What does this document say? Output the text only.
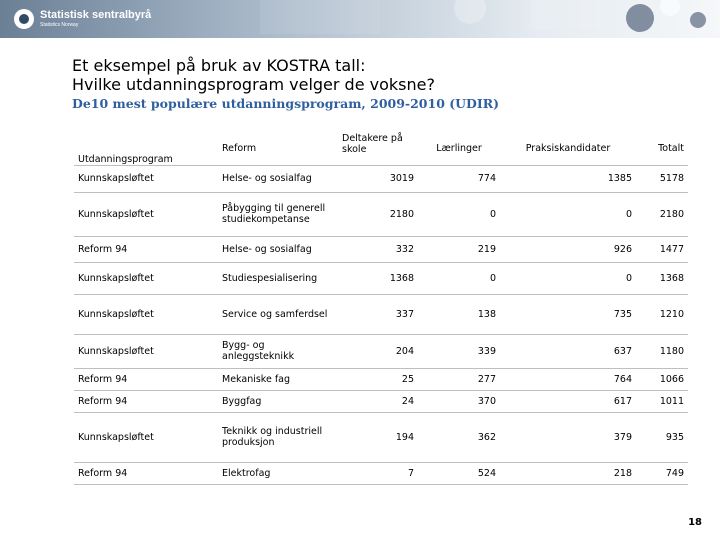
Statistisk sentralbyrå
Statistics Norway
Et eksempel på bruk av KOSTRA tall:
Hvilke utdanningsprogram velger de voksne?
De10 mest populære utdanningsprogram, 2009-2010 (UDIR)
Utdanningsprogram	Reform	Deltakere på skole	Lærlinger	Praksiskandidater	Totalt
Kunnskapsløftet	Helse- og sosialfag	3019	774	1385	5178
Kunnskapsløftet	Påbygging til generell studiekompetanse	2180	0	0	2180
Reform 94	Helse- og sosialfag	332	219	926	1477
Kunnskapsløftet	Studiespesialisering	1368	0	0	1368
Kunnskapsløftet	Service og samferdsel	337	138	735	1210
Kunnskapsløftet	Bygg- og anleggsteknikk	204	339	637	1180
Reform 94	Mekaniske fag	25	277	764	1066
Reform 94	Byggfag	24	370	617	1011
Kunnskapsløftet	Teknikk og industriell produksjon	194	362	379	935
Reform 94	Elektrofag	7	524	218	749
18
